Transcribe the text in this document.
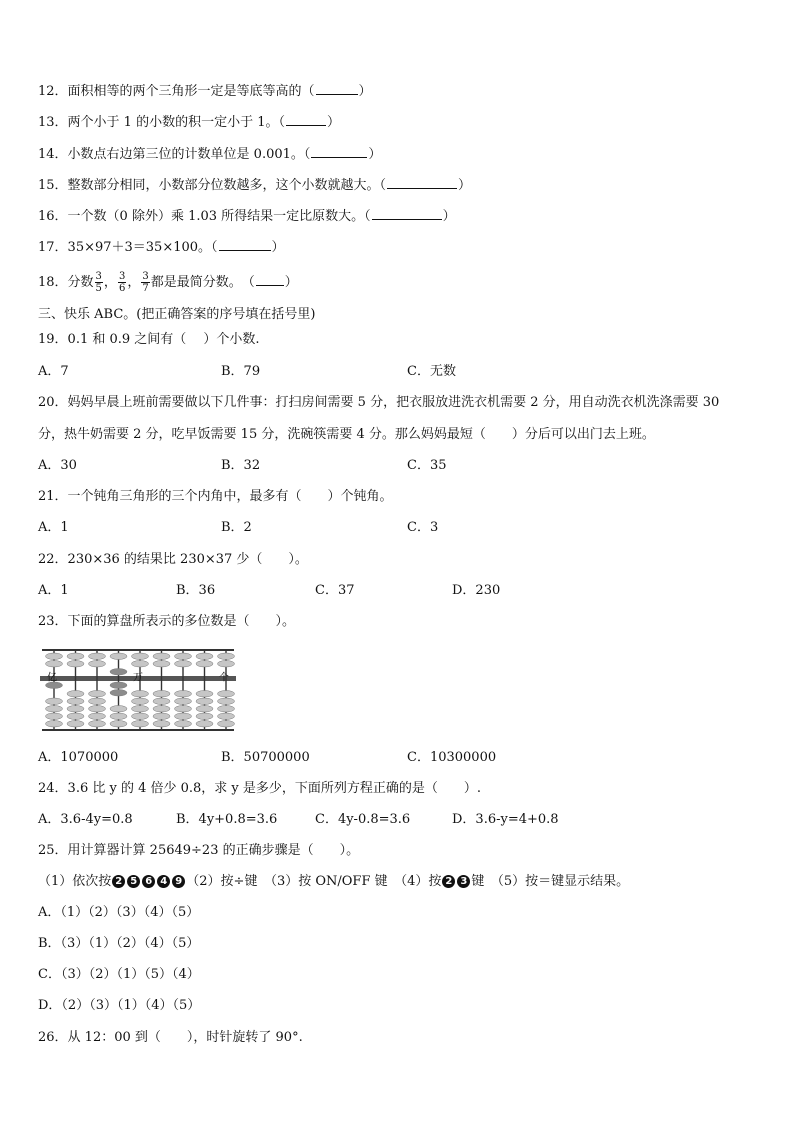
12．面积相等的两个三角形一定是等底等高的（	）
13．两个小于 1 的小数的积一定小于 1。（	）
14．小数点右边第三位的计数单位是 0.001。（	）
15．整数部分相同，小数部分位数越多，这个小数就越大。（	）
16．一个数（0 除外）乘 1.03 所得结果一定比原数大。（	）
17．35×97＋3＝35×100。（	）
18．分数 $\frac{3}{5}$ ， $\frac{3}{6}$ ， $\frac{3}{7}$ 都是最简分数。　（ ）
三、快乐 ABC。(把正确答案的序号填在括号里)
19．0.1 和 0.9 之间有（　 ）个小数.
A．7	B．79	C．无数
20．妈妈早晨上班前需要做以下几件事：打扫房间需要 5 分，把衣服放进洗衣机需要 2 分，用自动洗衣机洗涤需要 30
分，热牛奶需要 2 分，吃早饭需要 15 分，洗碗筷需要 4 分。那么妈妈最短（　　）分后可以出门去上班。
A．30	B．32	C．35
21．一个钝角三角形的三个内角中，最多有（　　）个钝角。
A．1	B．2	C．3
22．230×36 的结果比 230×37 少（　　）。
A．1	B．36	C．37	D．230
23．下面的算盘所表示的多位数是（　　）。
亿	万	个
A．1070000	B．50700000	C．10300000
24．3.6 比 y 的 4 倍少 0.8，求 y 是多少，下面所列方程正确的是（　　）.
A．3.6-4y=0.8	B．4y+0.8=3.6	C．4y-0.8=3.6	D．3.6-y=4+0.8
25．用计算器计算 25649÷23 的正确步骤是（　　）。
（1）依次按 2 5 6 4 9 （2）按÷键　（3）按 ON/OFF 键　（4）按 2 3 键　（5）按＝键显示结果。
A．（1）（2）（3）（4）（5）
B．（3）（1）（2）（4）（5）
C．（3）（2）（1）（5）（4）
D．（2）（3）（1）（4）（5）
26．从 12：00 到（　　），时针旋转了 90°.
